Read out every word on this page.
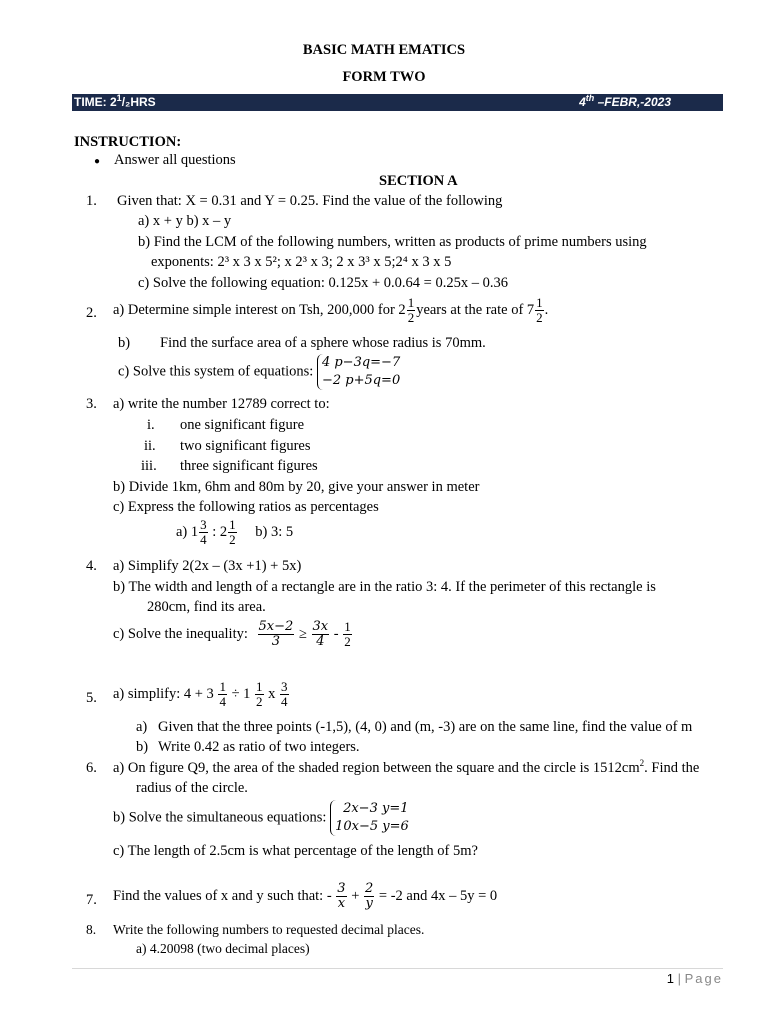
BASIC MATH EMATICS
FORM TWO
TIME: $2^1$/₂HRS	4th –FEBR,-2023
INSTRUCTION:
● Answer all questions
SECTION A
1. Given that: X = 0.31 and Y = 0.25. Find the value of the following
a) x + y b) x – y
b) Find the LCM of the following numbers, written as products of prime numbers using
exponents: 2³ x 3 x 5²; x 2³ x 3; 2 x 3³ x 5;2⁴ x 3 x 5
c) Solve the following equation: 0.125x + 0.0.64 = 0.25x – 0.36
2. a) Determine simple interest on Tsh, 200,000 for $2 \frac{1}{2}$ years at the rate of $7 \frac{1}{2}$ .
b) Find the surface area of a sphere whose radius is 70mm.
c) Solve this system of equations:
4 p−3q=−7
−2 p+5q=0
3. a) write the number 12789 correct to:
i. one significant figure
ii. two significant figures
iii. three significant figures
b) Divide 1km, 6hm and 80m by 20, give your answer in meter
c) Express the following ratios as percentages
a) $1 \frac{3}{4}$ : $2 \frac{1}{2} b$) 3: 5
4. a) Simplify 2(2x – (3x +1) + 5x)
b) The width and length of a rectangle are in the ratio 3: 4. If the perimeter of this rectangle is
280cm, find its area.
c) Solve the inequality: $\frac{5x-2}{3} \ge \frac{3x}{4} - \frac{1}{2}$
5. a) simplify: $4 + 3 \frac{1}{4} \div 1 \frac{1}{2}$ x $\frac{3}{4}$
a) Given that the three points (-1,5), (4, 0) and (m, -3) are on the same line, find the value of m
b) Write 0.42 as ratio of two integers.
6. a) On figure Q9, the area of the shaded region between the square and the circle is $1512cm^2$. Find the
radius of the circle.
b) Solve the simultaneous equations:
2x−3 y=1
10x−5 y=6
c) The length of 2.5cm is what percentage of the length of 5m?
7. Find the values of x and y such that: - $\frac{3}{x} + \frac{2}{y} = -2$ and 4x – 5y = 0
8. Write the following numbers to requested decimal places.
a) 4.20098 (two decimal places)
1 | Page
